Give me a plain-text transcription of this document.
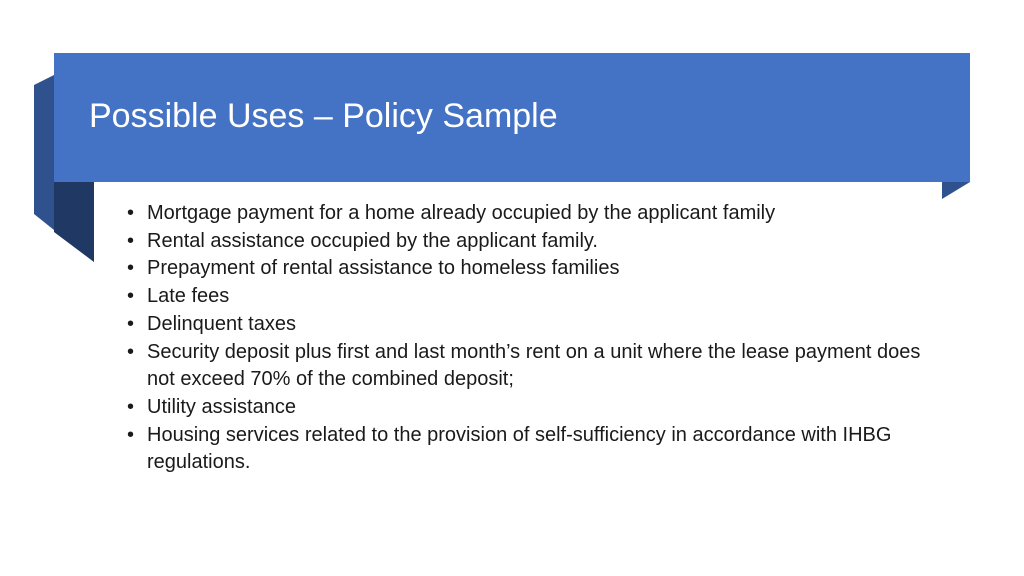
Possible Uses – Policy Sample
• Mortgage payment for a home already occupied by the applicant family
• Rental assistance occupied by the applicant family.
• Prepayment of rental assistance to homeless families
• Late fees
• Delinquent taxes
• Security deposit plus first and last month’s rent on a unit where the lease payment does not exceed 70% of the combined deposit;
• Utility assistance
• Housing services related to the provision of self-sufficiency in accordance with IHBG regulations.
